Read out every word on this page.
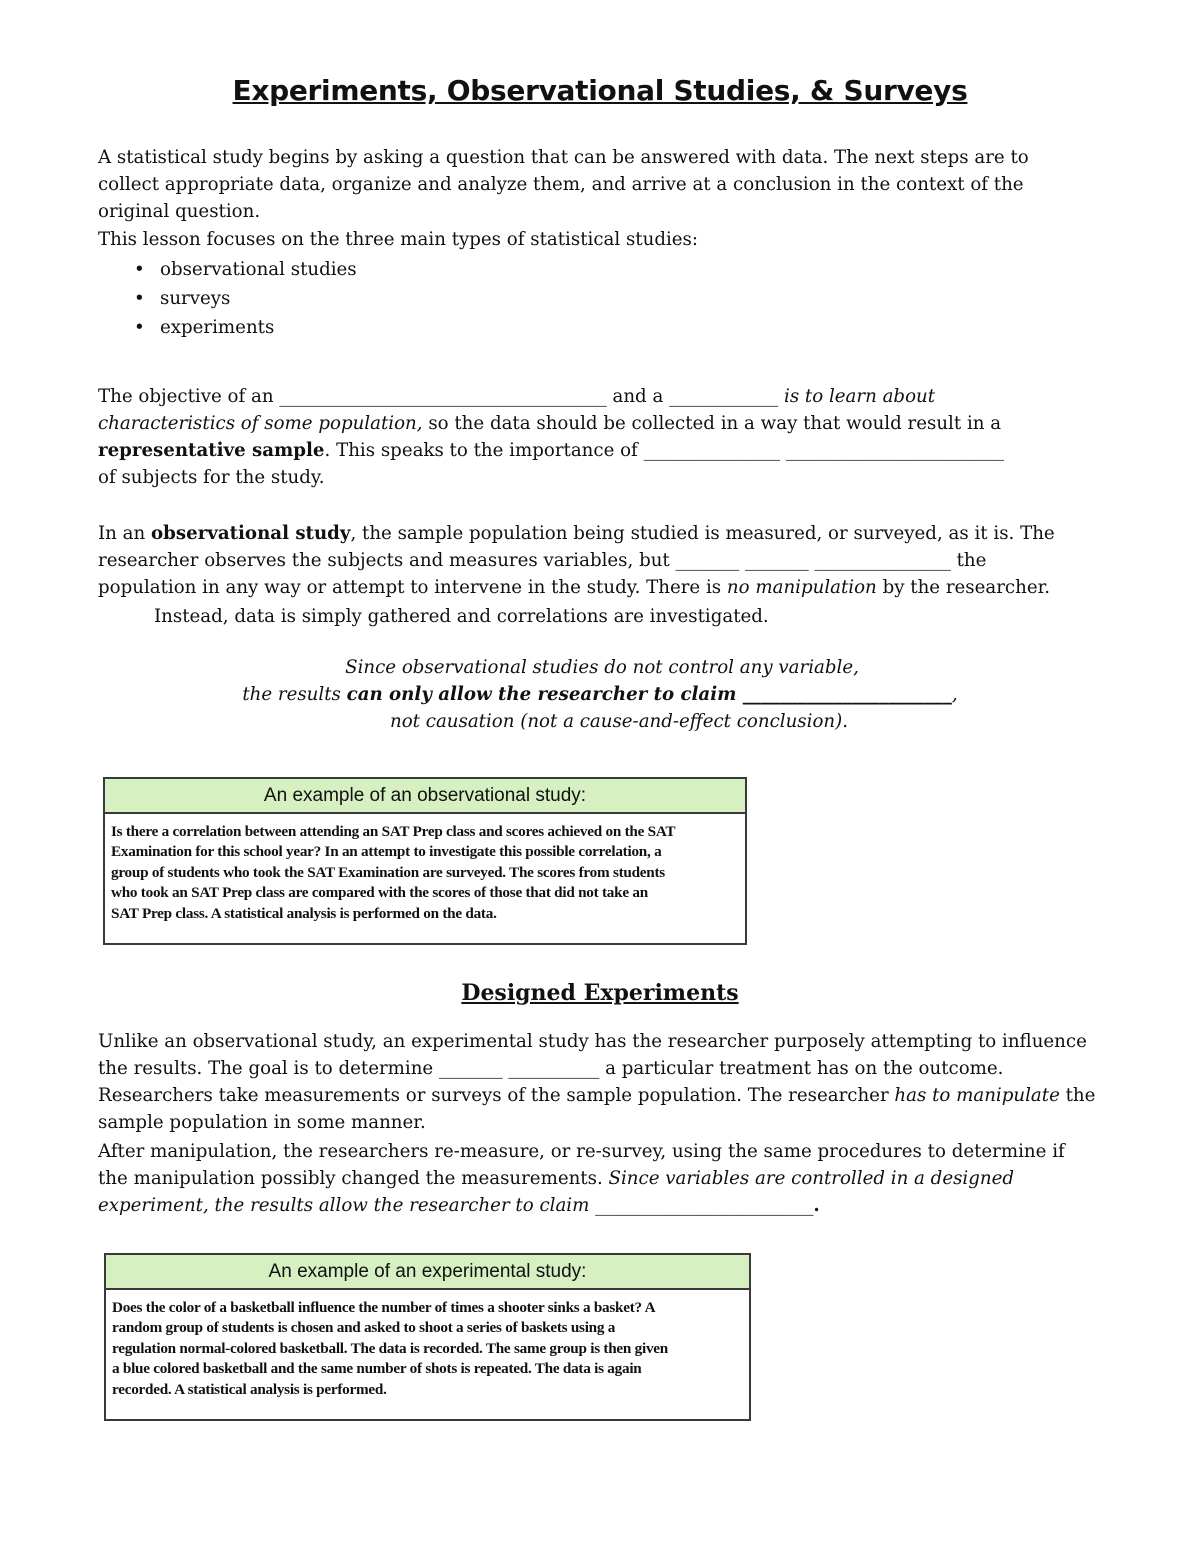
Experiments, Observational Studies, & Surveys

A statistical study begins by asking a question that can be answered with data. The next steps are to
collect appropriate data, organize and analyze them, and arrive at a conclusion in the context of the
original question.
This lesson focuses on the three main types of statistical studies:

• observational studies
• surveys
• experiments

The objective of an ____________________________________ and a ____________ is to learn about
characteristics of some population, so the data should be collected in a way that would result in a
representative sample. This speaks to the importance of _______________ ________________________
of subjects for the study.

In an observational study, the sample population being studied is measured, or surveyed, as it is. The
researcher observes the subjects and measures variables, but _______ _______ _______________ the
population in any way or attempt to intervene in the study. There is no manipulation by the researcher.
Instead, data is simply gathered and correlations are investigated.

Since observational studies do not control any variable,
the results can only allow the researcher to claim _______________________,
not causation (not a cause-and-effect conclusion).

An example of an observational study:
Is there a correlation between attending an SAT Prep class and scores achieved on the SAT
Examination for this school year? In an attempt to investigate this possible correlation, a
group of students who took the SAT Examination are surveyed. The scores from students
who took an SAT Prep class are compared with the scores of those that did not take an
SAT Prep class. A statistical analysis is performed on the data.
Designed Experiments

Unlike an observational study, an experimental study has the researcher purposely attempting to influence
the results. The goal is to determine _______ __________ a particular treatment has on the outcome.
Researchers take measurements or surveys of the sample population. The researcher has to manipulate the
sample population in some manner.
After manipulation, the researchers re-measure, or re-survey, using the same procedures to determine if
the manipulation possibly changed the measurements. Since variables are controlled in a designed
experiment, the results allow the researcher to claim ________________________.

An example of an experimental study:
Does the color of a basketball influence the number of times a shooter sinks a basket? A
random group of students is chosen and asked to shoot a series of baskets using a
regulation normal-colored basketball. The data is recorded. The same group is then given
a blue colored basketball and the same number of shots is repeated. The data is again
recorded. A statistical analysis is performed.
